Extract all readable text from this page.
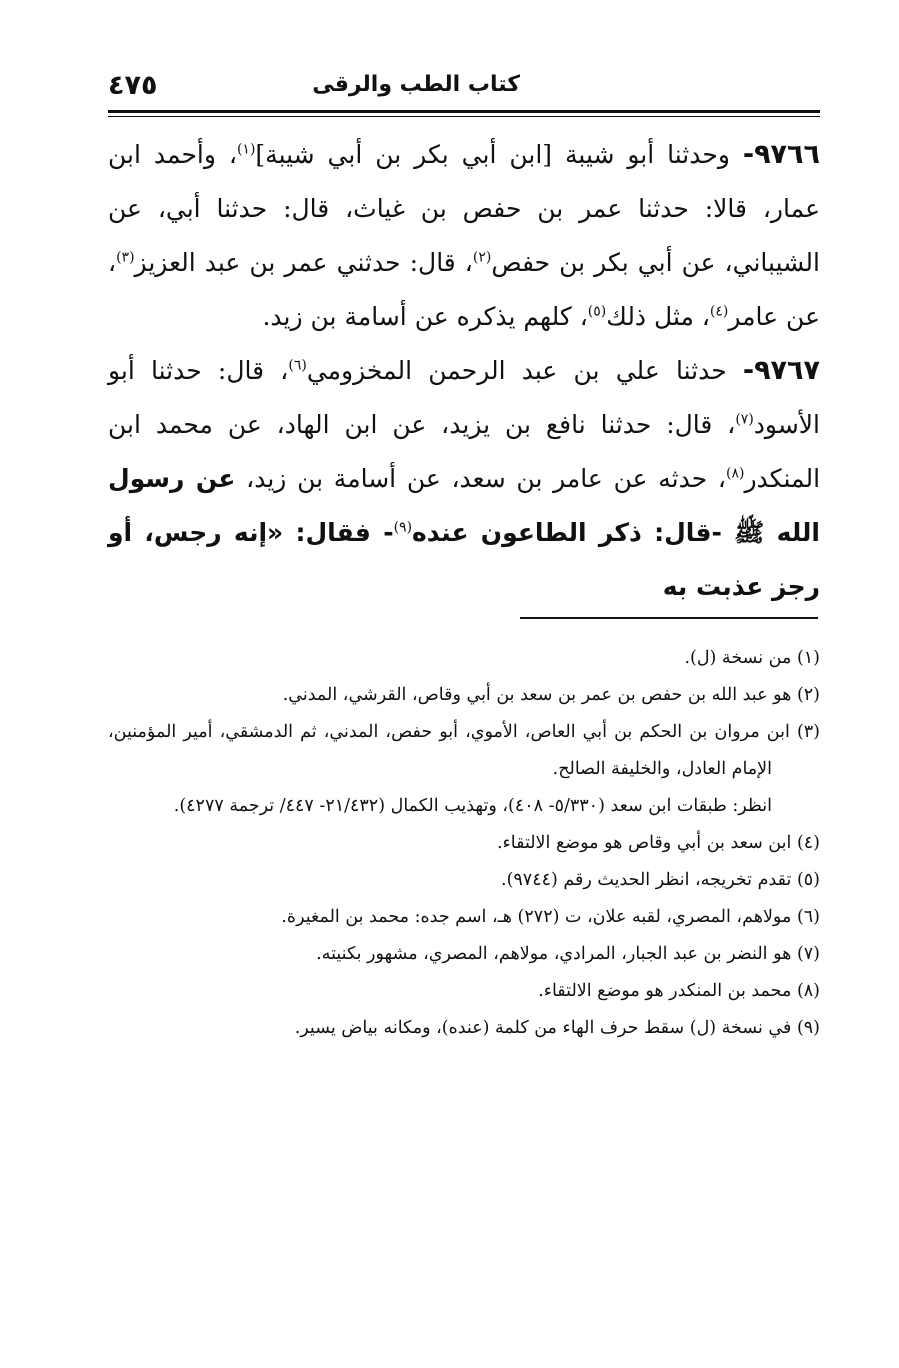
كتاب الطب والرقى
٤٧٥

٩٧٦٦- وحدثنا أبو شيبة [ابن أبي بكر بن أبي شيبة]$^{(١)}$، وأحمد ابن عمار، قالا: حدثنا عمر بن حفص بن غياث، قال: حدثنا أبي، عن الشيباني، عن أبي بكر بن حفص$^{(٢)}$، قال: حدثني عمر بن عبد العزيز$^{(٣)}$، عن عامر$^{(٤)}$، مثل ذلك$^{(٥)}$، كلهم يذكره عن أسامة بن زيد.

٩٧٦٧- حدثنا علي بن عبد الرحمن المخزومي$^{(٦)}$، قال: حدثنا أبو الأسود$^{(٧)}$، قال: حدثنا نافع بن يزيد، عن ابن الهاد، عن محمد ابن المنكدر$^{(٨)}$، حدثه عن عامر بن سعد، عن أسامة بن زيد، عن رسول الله ﷺ -قال: ذكر الطاعون عنده$^{(٩)}$- فقال: «إنه رجس، أو رجز عذبت به

(١) من نسخة (ل).

(٢) هو عبد الله بن حفص بن عمر بن سعد بن أبي وقاص، القرشي، المدني.

(٣) ابن مروان بن الحكم بن أبي العاص، الأموي، أبو حفص، المدني، ثم الدمشقي، أمير المؤمنين، الإمام العادل، والخليفة الصالح.

انظر: طبقات ابن سعد (٥/٣٣٠- ٤٠٨)، وتهذيب الكمال (٢١/٤٣٢- ٤٤٧/ ترجمة ٤٢٧٧).

(٤) ابن سعد بن أبي وقاص هو موضع الالتقاء.

(٥) تقدم تخريجه، انظر الحديث رقم (٩٧٤٤).

(٦) مولاهم، المصري، لقبه علان، ت (٢٧٢) هـ، اسم جده: محمد بن المغيرة.

(٧) هو النضر بن عبد الجبار، المرادي، مولاهم، المصري، مشهور بكنيته.

(٨) محمد بن المنكدر هو موضع الالتقاء.

(٩) في نسخة (ل) سقط حرف الهاء من كلمة (عنده)، ومكانه بياض يسير.
